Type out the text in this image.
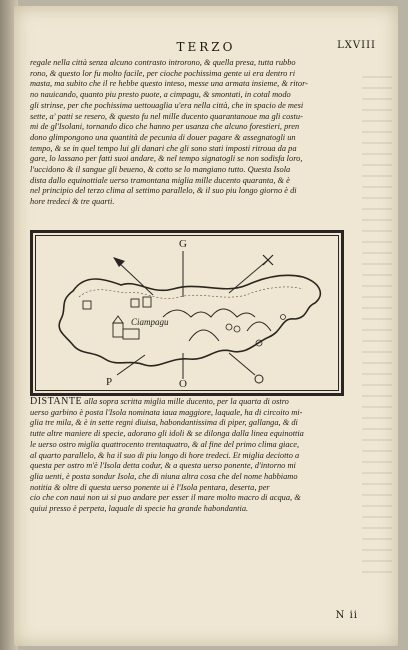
TERZO	LXVIII
regale nella città senza alcuno contrasto introrono, & quella presa, tutta rubbo
rono, & questo lor fu molto facile, per cioche pochissima gente ui era dentro ri
masta, ma subito che il re hebbe questo inteso, messe una armata insieme, & ritor-
no nauicando, quanto piu presto puote, a cimpagu, & smontati, in cotal modo
gli strinse, per che pochissima uettouaglia u'era nella città, che in spacio de mesi
sette, a' patti se resero, & questo fu nel mille ducento quarantanoue ma gli costu-
mi de gl'Isolani, tornando dico che hanno per usanza che alcuno forestieri, pren
dono glimpongono una quantità de pecunia di douer pagare & assegnatogli un
tempo, & se in quel tempo lui gli danari che gli sono stati imposti ritroua da pa
gare, lo lassano per fatti suoi andare, & nel tempo signatogli se non sodisfa loro,
l'uccidono & il sangue gli beueno, & cotto se lo mangiano tutto. Questa Isola
dista dallo equinottiale uerso tramontana miglia mille ducento quaranta, & è
nel principio del terzo clima al settimo parallelo, & il suo piu longo giorno è di
hore tredeci & tre quarti.
G
O
P
Ciampagu
DISTANTE alla sopra scritta miglia mille ducento, per la quarta di ostro
uerso garbino è posta l'Isola nominata iaua maggiore, laquale, ha di circoito mi-
glia tre mila, & è in sette regni diuisa, habondantissima di piper, gallanga, & di
tutte altre maniere di specie, adorano gli idoli & se dilonga dalla linea equinottia
le uerso ostro miglia quattrocento trentaquatro, & al fine del primo clima giace,
al quarto parallelo, & ha il suo di piu longo di hore tredeci. Et miglia deciotto a
questa per ostro m'è l'Isola detta codur, & a questa uerso ponente, d'intorno mi
glia uenti, è posta sondur Isola, che di niuna altra cosa che del nome habbiamo
notitia & oltre di questa uerso ponente ui è l'Isola pentara, deserta, per
cio che con naui non ui si puo andare per esser il mare molto macro di acqua, &
quiui presso è perpeta, laquale di specie ha grande habondantia.
N ii
